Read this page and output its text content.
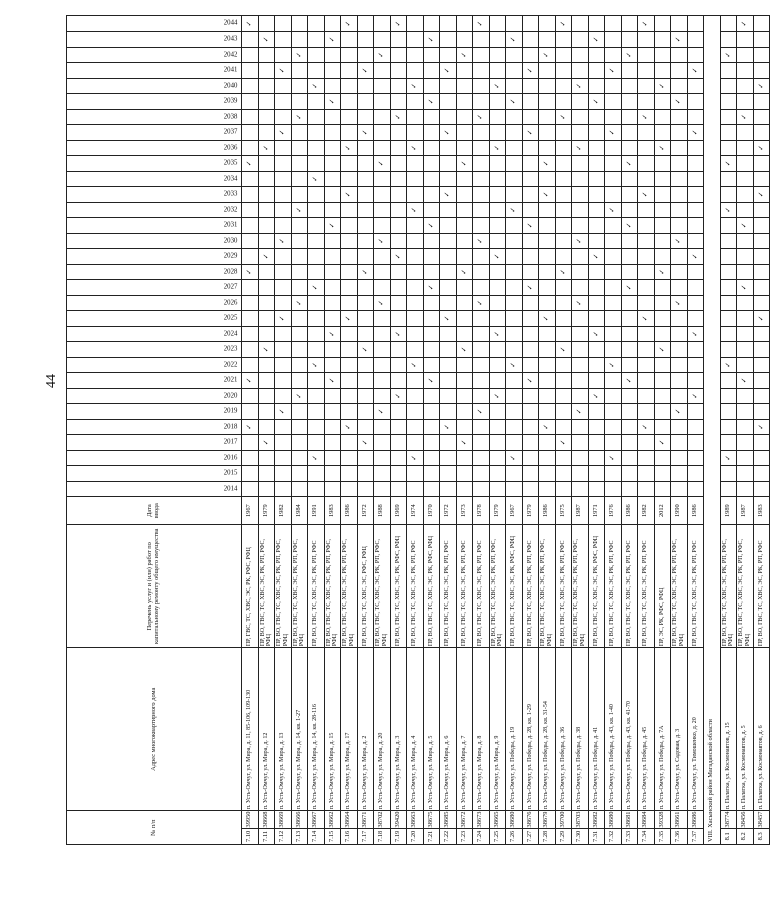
44
№ п/п		Адрес многоквартирного дома	Перечень услуг и (или) работ по капитальному ремонту общего имущества	Дата ввода	2014	2015	2016	2017	2018	2019	2020	2021	2022	2023	2024	2025	2026	2027	2028	2029	2030	2031	2032	2033	2034	2035	2036	2037	2038	2039	2040	2041	2042	2043	2044
7.10	39950	п. Усть-Омчуг, ул. Мира, д. 11, 85-106, 109-130	ПР, ГВС, ТС, ХВС, ЭС, РК, РФС, РФЦ	1967					✓			✓							✓							✓									✓
7.11	38668	п. Усть-Омчуг, ул. Мира, д. 12	ПР, ВО, ГВС, ТС, ХВС, ЭС, РК, РП, РФС, РФЦ	1979				✓						✓						✓							✓							✓	
7.12	38669	п. Усть-Омчуг, ул. Мира, д. 13	ПР, ВО, ГВС, ТС, ХВС, ЭС, РК, РП, РФС, РФЦ	1982						✓						✓					✓							✓				✓			
7.13	38666	п. Усть-Омчуг, ул. Мира, д. 14, кв. 1-27	ПР, ВО, ГВС, ТС, ХВС, ЭС, РК, РП, РФС, РФЦ	1984							✓						✓						✓						✓				✓		
7.14	38667	п. Усть-Омчуг, ул. Мира, д. 14, кв. 28-116	ПР, ВО, ГВС, ТС, ХВС, ЭС, РК, РП, РФС	1991			✓						✓					✓							✓						✓				
7.15	38662	п. Усть-Омчуг, ул. Мира, д. 15	ПР, ВО, ГВС, ТС, ХВС, ЭС, РК, РП, РФС, РФЦ	1983								✓			✓							✓								✓				✓	
7.16	38664	п. Усть-Омчуг, ул. Мира, д. 17	ПР, ВО, ГВС, ТС, ХВС, ЭС, РК, РП, РФС, РФЦ	1986					✓							✓								✓			✓								✓
7.17	38671	п. Усть-Омчуг, ул. Мира, д. 2	ПР, ВО, ГВС, ТС, ХВС, ЭС, РФС, РФЦ	1972				✓						✓					✓									✓				✓			
7.18	38702	п. Усть-Омчуг, ул. Мира, д. 20	ПР, ВО, ГВС, ТС, ХВС, ЭС, РК, РП, РФС, РФЦ	1988						✓							✓				✓					✓							✓		
7.19	39420	п. Усть-Омчуг, ул. Мира, д. 3	ПР, ВО, ГВС, ТС, ХВС, ЭС, РК, РФС, РФЦ	1969							✓				✓					✓									✓						✓
7.20	38663	п. Усть-Омчуг, ул. Мира, д. 4	ПР, ВО, ГВС, ТС, ХВС, ЭС, РК, РП, РФС	1974			✓						✓										✓				✓				✓				
7.21	38675	п. Усть-Омчуг, ул. Мира, д. 5	ПР, ВО, ГВС, ТС, ХВС, ЭС, РК, РФС, РФЦ	1970								✓						✓				✓								✓				✓	
7.22	38685	п. Усть-Омчуг, ул. Мира, д. 6	ПР, ВО, ГВС, ТС, ХВС, ЭС, РК, РП, РФС	1972					✓							✓								✓				✓				✓			
7.23	38672	п. Усть-Омчуг, ул. Мира, д. 7	ПР, ВО, ГВС, ТС, ХВС, ЭС, РК, РП, РФС	1973				✓						✓					✓							✓							✓		
7.24	38673	п. Усть-Омчуг, ул. Мира, д. 8	ПР, ВО, ГВС, ТС, ХВС, ЭС, РК, РП, РФС	1978						✓							✓				✓								✓						✓
7.25	38665	п. Усть-Омчуг, ул. Мира, д. 9	ПР, ВО, ГВС, ТС, ХВС, ЭС, РК, РП, РФС, РФЦ	1979							✓				✓					✓							✓				✓				
7.26	38680	п. Усть-Омчуг, ул. Победы, д. 19	ПР, ВО, ГВС, ТС, ХВС, ЭС, РК, РФС, РФЦ	1967			✓						✓										✓							✓				✓	
7.27	38676	п. Усть-Омчуг, ул. Победы, д. 28, кв. 1-29	ПР, ВО, ГВС, ТС, ХВС, ЭС, РК, РП, РФС	1979								✓						✓				✓						✓				✓			
7.28	38679	п. Усть-Омчуг, ул. Победы, д. 28, кв. 31-54	ПР, ВО, ГВС, ТС, ХВС, ЭС, РК, РП, РФС, РФЦ	1986					✓							✓								✓		✓							✓		
7.29	39700	п. Усть-Омчуг, ул. Победы, д. 36	ПР, ВО, ГВС, ТС, ХВС, ЭС, РК, РП, РФС	1975				✓						✓					✓										✓						✓
7.30	38703	п. Усть-Омчуг, ул. Победы, д. 38	ПР, ВО, ГВС, ТС, ХВС, ЭС, РК, РП, РФС, РФЦ	1987						✓							✓				✓						✓				✓				
7.31	38682	п. Усть-Омчуг, ул. Победы, д. 41	ПР, ВО, ГВС, ТС, ХВС, ЭС, РК, РФС, РФЦ	1971							✓				✓					✓										✓				✓	
7.32	38680	п. Усть-Омчуг, ул. Победы, д. 43, кв. 1-40	ПР, ВО, ГВС, ТС, ХВС, ЭС, РК, РП, РФС	1976			✓						✓										✓					✓				✓			
7.33	38681	п. Усть-Омчуг, ул. Победы, д. 43, кв. 41-70	ПР, ВО, ГВС, ТС, ХВС, ЭС, РК, РП, РФС	1986								✓						✓				✓				✓							✓		
7.34	38684	п. Усть-Омчуг, ул. Победы, д. 45	ПР, ВО, ГВС, ТС, ХВС, ЭС, РК, РП, РФС	1982					✓							✓								✓					✓						✓
7.35	39328	п. Усть-Омчуг, ул. Победы, д. 7А	ПР, ЭС, РК, РФС, РФЦ	2012				✓						✓					✓								✓				✓				
7.36	38661	п. Усть-Омчуг, ул. Садовая, д. 3	ПР, ВО, ГВС, ТС, ХВС, ЭС, РК, РП, РФС, РФЦ	1990						✓							✓				✓									✓				✓	
7.37	38686	п. Усть-Омчуг, ул. Тимошенко, д. 20	ПР, ВО, ГВС, ТС, ХВС, ЭС, РК, РП, РФС	1986							✓				✓					✓								✓				✓			
VIII. Хасынский район Магаданской области																																			
8.1	38774	п. Палатка, ул. Космонавтов, д. 15	ПР, ВО, ГВС, ТС, ХВС, ЭС, РК, РП, РФС, РФЦ	1989			✓						✓										✓			✓							✓		
8.2	38456	п. Палатка, ул. Космонавтов, д. 5	ПР, ВО, ГВС, ТС, ХВС, ЭС, РК, РП, РФС, РФЦ	1987								✓						✓				✓							✓						✓
8.3	38457	п. Палатка, ул. Космонавтов, д. 6	ПР, ВО, ГВС, ТС, ХВС, ЭС, РК, РП, РФС	1983					✓							✓								✓			✓				✓				
